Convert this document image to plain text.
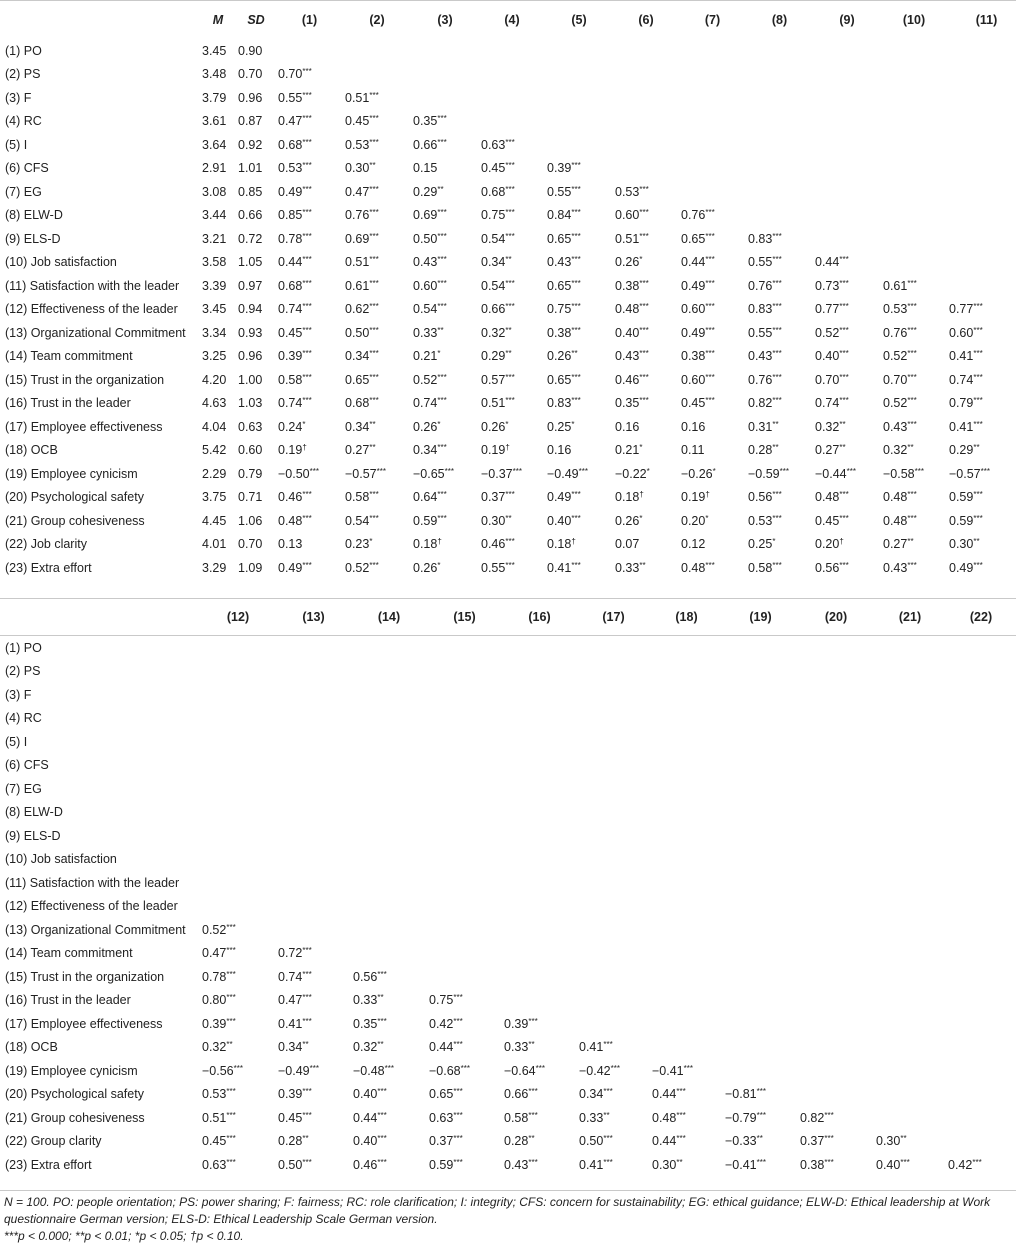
	M	SD	(1)	(2)	(3)	(4)	(5)	(6)	(7)	(8)	(9)	(10)	(11)
(1) PO	3.45	0.90											
(2) PS	3.48	0.70	0.70***										
(3) F	3.79	0.96	0.55***	0.51***									
(4) RC	3.61	0.87	0.47***	0.45***	0.35***								
(5) I	3.64	0.92	0.68***	0.53***	0.66***	0.63***							
(6) CFS	2.91	1.01	0.53***	0.30**	0.15	0.45***	0.39***						
(7) EG	3.08	0.85	0.49***	0.47***	0.29**	0.68***	0.55***	0.53***					
(8) ELW-D	3.44	0.66	0.85***	0.76***	0.69***	0.75***	0.84***	0.60***	0.76***				
(9) ELS-D	3.21	0.72	0.78***	0.69***	0.50***	0.54***	0.65***	0.51***	0.65***	0.83***			
(10) Job satisfaction	3.58	1.05	0.44***	0.51***	0.43***	0.34**	0.43***	0.26*	0.44***	0.55***	0.44***		
(11) Satisfaction with the leader	3.39	0.97	0.68***	0.61***	0.60***	0.54***	0.65***	0.38***	0.49***	0.76***	0.73***	0.61***	
(12) Effectiveness of the leader	3.45	0.94	0.74***	0.62***	0.54***	0.66***	0.75***	0.48***	0.60***	0.83***	0.77***	0.53***	0.77***
(13) Organizational Commitment	3.34	0.93	0.45***	0.50***	0.33**	0.32**	0.38***	0.40***	0.49***	0.55***	0.52***	0.76***	0.60***
(14) Team commitment	3.25	0.96	0.39***	0.34***	0.21*	0.29**	0.26**	0.43***	0.38***	0.43***	0.40***	0.52***	0.41***
(15) Trust in the organization	4.20	1.00	0.58***	0.65***	0.52***	0.57***	0.65***	0.46***	0.60***	0.76***	0.70***	0.70***	0.74***
(16) Trust in the leader	4.63	1.03	0.74***	0.68***	0.74***	0.51***	0.83***	0.35***	0.45***	0.82***	0.74***	0.52***	0.79***
(17) Employee effectiveness	4.04	0.63	0.24*	0.34**	0.26*	0.26*	0.25*	0.16	0.16	0.31**	0.32**	0.43***	0.41***
(18) OCB	5.42	0.60	0.19†	0.27**	0.34***	0.19†	0.16	0.21*	0.11	0.28**	0.27**	0.32**	0.29**
(19) Employee cynicism	2.29	0.79	−0.50***	−0.57***	−0.65***	−0.37***	−0.49***	−0.22*	−0.26*	−0.59***	−0.44***	−0.58***	−0.57***
(20) Psychological safety	3.75	0.71	0.46***	0.58***	0.64***	0.37***	0.49***	0.18†	0.19†	0.56***	0.48***	0.48***	0.59***
(21) Group cohesiveness	4.45	1.06	0.48***	0.54***	0.59***	0.30**	0.40***	0.26*	0.20*	0.53***	0.45***	0.48***	0.59***
(22) Job clarity	4.01	0.70	0.13	0.23*	0.18†	0.46***	0.18†	0.07	0.12	0.25*	0.20†	0.27**	0.30**
(23) Extra effort	3.29	1.09	0.49***	0.52***	0.26*	0.55***	0.41***	0.33**	0.48***	0.58***	0.56***	0.43***	0.49***
	(12)	(13)	(14)	(15)	(16)	(17)	(18)	(19)	(20)	(21)	(22)
(1) PO											
(2) PS											
(3) F											
(4) RC											
(5) I											
(6) CFS											
(7) EG											
(8) ELW-D											
(9) ELS-D											
(10) Job satisfaction											
(11) Satisfaction with the leader											
(12) Effectiveness of the leader											
(13) Organizational Commitment	0.52***										
(14) Team commitment	0.47***	0.72***									
(15) Trust in the organization	0.78***	0.74***	0.56***								
(16) Trust in the leader	0.80***	0.47***	0.33**	0.75***							
(17) Employee effectiveness	0.39***	0.41***	0.35***	0.42***	0.39***						
(18) OCB	0.32**	0.34**	0.32**	0.44***	0.33**	0.41***					
(19) Employee cynicism	−0.56***	−0.49***	−0.48***	−0.68***	−0.64***	−0.42***	−0.41***				
(20) Psychological safety	0.53***	0.39***	0.40***	0.65***	0.66***	0.34***	0.44***	−0.81***			
(21) Group cohesiveness	0.51***	0.45***	0.44***	0.63***	0.58***	0.33**	0.48***	−0.79***	0.82***		
(22) Group clarity	0.45***	0.28**	0.40***	0.37***	0.28**	0.50***	0.44***	−0.33**	0.37***	0.30**	
(23) Extra effort	0.63***	0.50***	0.46***	0.59***	0.43***	0.41***	0.30**	−0.41***	0.38***	0.40***	0.42***
N = 100. PO: people orientation; PS: power sharing; F: fairness; RC: role clarification; I: integrity; CFS: concern for sustainability; EG: ethical guidance; ELW-D: Ethical leadership at Work questionnaire German version; ELS-D: Ethical Leadership Scale German version.
***p < 0.000; **p < 0.01; *p < 0.05; †p < 0.10.
